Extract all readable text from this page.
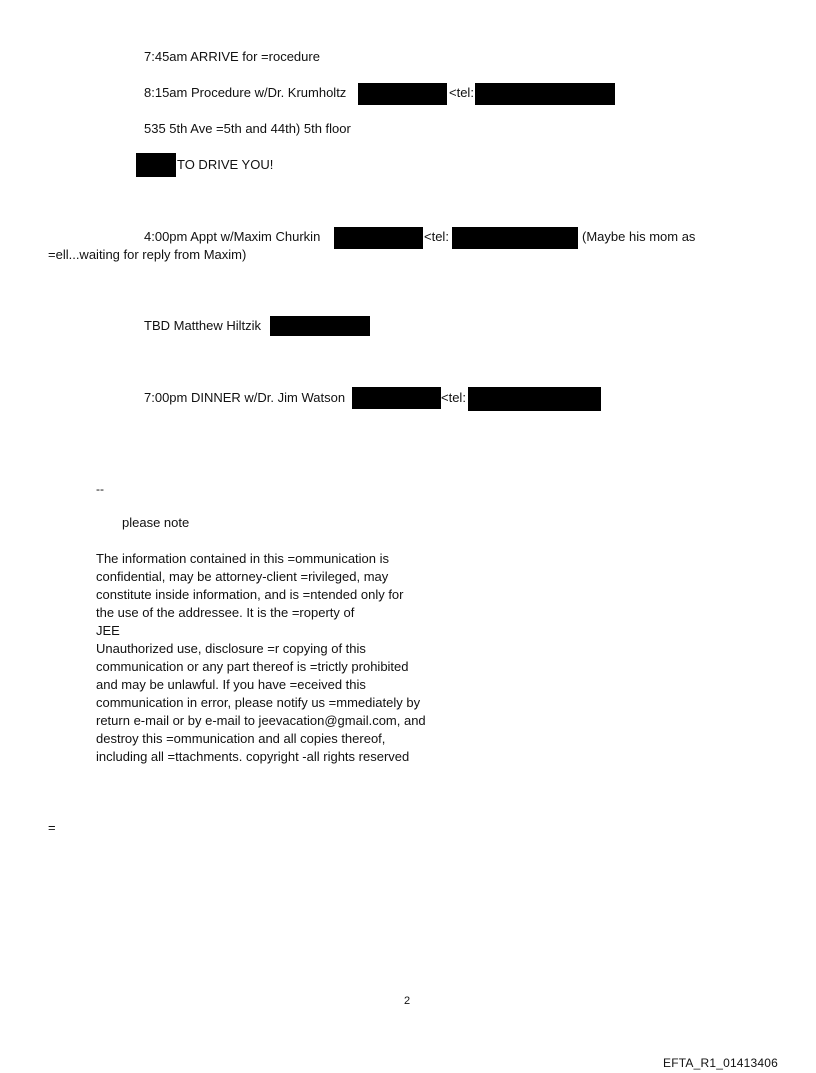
7:45am ARRIVE for =rocedure
8:15am Procedure w/Dr. Krumholtz	<tel:
535 5th Ave =5th and 44th) 5th floor
TO DRIVE YOU!
4:00pm Appt w/Maxim Churkin	<tel:	(Maybe his mom as
=ell...waiting for reply from Maxim)
TBD Matthew Hiltzik
7:00pm DINNER w/Dr. Jim Watson	<tel:
--
please note
The information contained in this =ommunication is
confidential, may be attorney-client =rivileged, may
constitute inside information, and is =ntended only for
the use of the addressee. It is the =roperty of
JEE
Unauthorized use, disclosure =r copying of this
communication or any part thereof is =trictly prohibited
and may be unlawful. If you have =eceived this
communication in error, please notify us =mmediately by
return e-mail or by e-mail to jeevacation@gmail.com, and
destroy this =ommunication and all copies thereof,
including all =ttachments. copyright -all rights reserved
=
2
EFTA_R1_01413406
